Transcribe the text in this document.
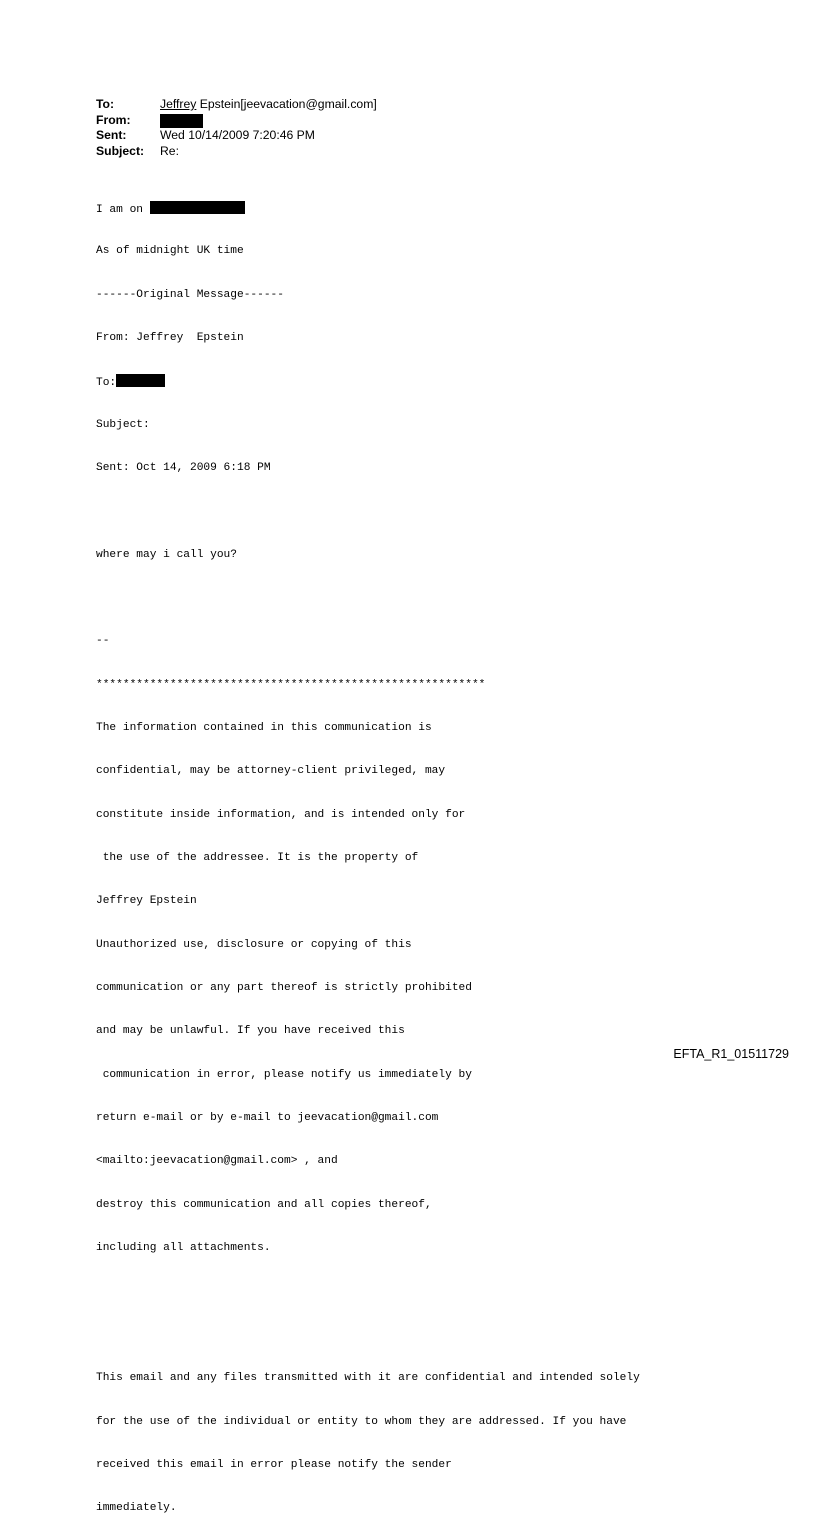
To:	Jeffrey Epstein[jeevacation@gmail.com]
From:
Sent:	Wed 10/14/2009 7:20:46 PM
Subject: Re:

I am on

As of midnight UK time

------Original Message------

From: Jeffrey  Epstein

To:

Subject:

Sent: Oct 14, 2009 6:18 PM

where may i call you?

--

**********************************************************

The information contained in this communication is

confidential, may be attorney-client privileged, may

constitute inside information, and is intended only for

the use of the addressee. It is the property of

Jeffrey Epstein

Unauthorized use, disclosure or copying of this

communication or any part thereof is strictly prohibited

and may be unlawful. If you have received this

communication in error, please notify us immediately by

return e-mail or by e-mail to jeevacation@gmail.com

<mailto:jeevacation@gmail.com> , and

destroy this communication and all copies thereof,

including all attachments.

This email and any files transmitted with it are confidential and intended solely

for the use of the individual or entity to whom they are addressed. If you have

received this email in error please notify the sender

immediately.

EFTA_R1_01511729
